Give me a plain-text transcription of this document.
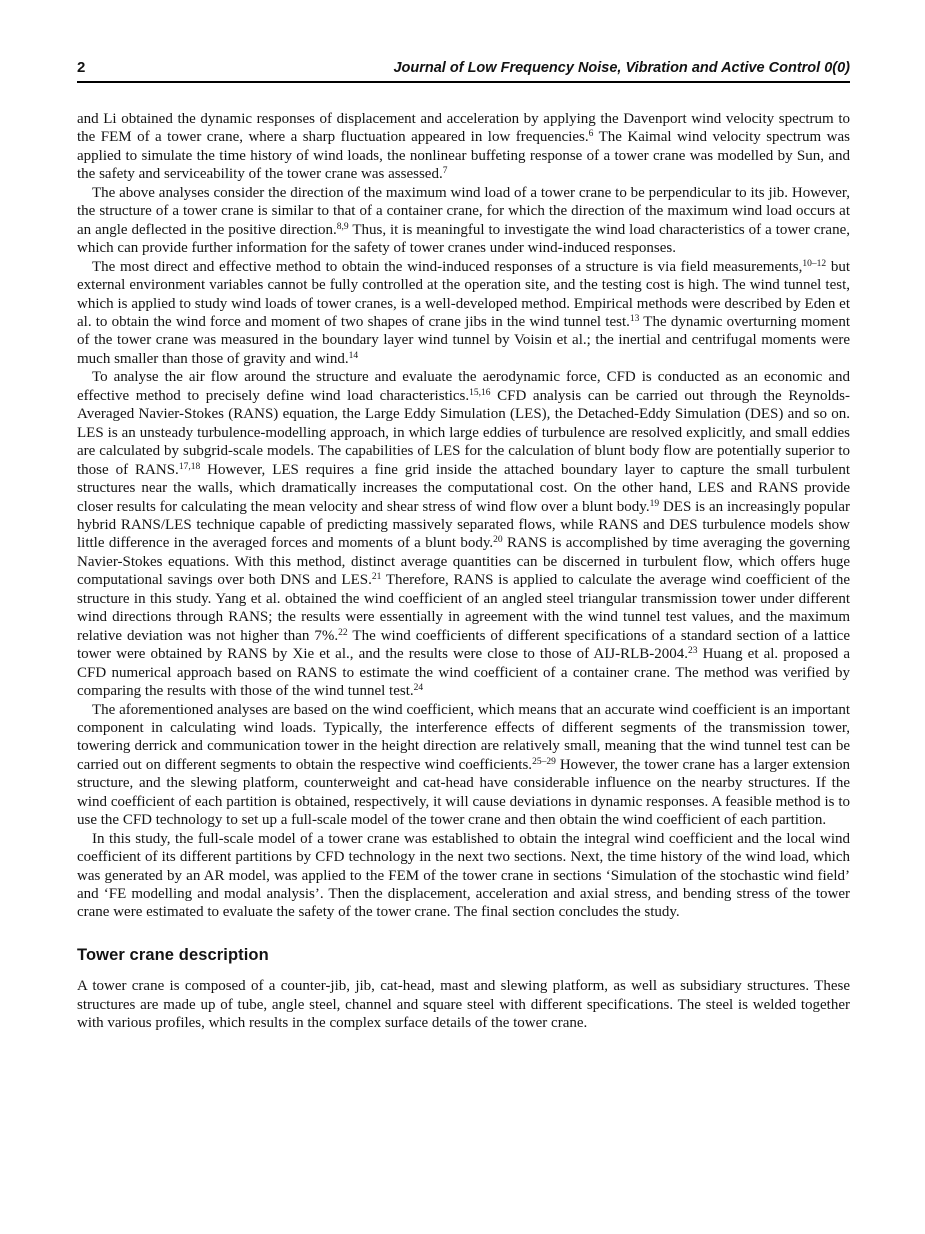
2	Journal of Low Frequency Noise, Vibration and Active Control 0(0)

and Li obtained the dynamic responses of displacement and acceleration by applying the Davenport wind velocity spectrum to the FEM of a tower crane, where a sharp fluctuation appeared in low frequencies.$^6$ The Kaimal wind velocity spectrum was applied to simulate the time history of wind loads, the nonlinear buffeting response of a tower crane was modelled by Sun, and the safety and serviceability of the tower crane was assessed.$^7$

The above analyses consider the direction of the maximum wind load of a tower crane to be perpendicular to its jib. However, the structure of a tower crane is similar to that of a container crane, for which the direction of the maximum wind load occurs at an angle deflected in the positive direction.$^{8,9}$ Thus, it is meaningful to investigate the wind load characteristics of a tower crane, which can provide further information for the safety of tower cranes under wind-induced responses.

The most direct and effective method to obtain the wind-induced responses of a structure is via field measurements,$^{10-12}$ but external environment variables cannot be fully controlled at the operation site, and the testing cost is high. The wind tunnel test, which is applied to study wind loads of tower cranes, is a well-developed method. Empirical methods were described by Eden et al. to obtain the wind force and moment of two shapes of crane jibs in the wind tunnel test.$^{13}$ The dynamic overturning moment of the tower crane was measured in the boundary layer wind tunnel by Voisin et al.; the inertial and centrifugal moments were much smaller than those of gravity and wind.$^{14}$

To analyse the air flow around the structure and evaluate the aerodynamic force, CFD is conducted as an economic and effective method to precisely define wind load characteristics.$^{15,16}$ CFD analysis can be carried out through the Reynolds-Averaged Navier-Stokes (RANS) equation, the Large Eddy Simulation (LES), the Detached-Eddy Simulation (DES) and so on. LES is an unsteady turbulence-modelling approach, in which large eddies of turbulence are resolved explicitly, and small eddies are calculated by subgrid-scale models. The capabilities of LES for the calculation of blunt body flow are potentially superior to those of RANS.$^{17,18}$ However, LES requires a fine grid inside the attached boundary layer to capture the small turbulent structures near the walls, which dramatically increases the computational cost. On the other hand, LES and RANS provide closer results for calculating the mean velocity and shear stress of wind flow over a blunt body.$^{19}$ DES is an increasingly popular hybrid RANS/LES technique capable of predicting massively separated flows, while RANS and DES turbulence models show little difference in the averaged forces and moments of a blunt body.$^{20}$ RANS is accomplished by time averaging the governing Navier-Stokes equations. With this method, distinct average quantities can be discerned in turbulent flow, which offers huge computational savings over both DNS and LES.$^{21}$ Therefore, RANS is applied to calculate the average wind coefficient of the structure in this study. Yang et al. obtained the wind coefficient of an angled steel triangular transmission tower under different wind directions through RANS; the results were essentially in agreement with the wind tunnel test values, and the maximum relative deviation was not higher than 7%.$^{22}$ The wind coefficients of different specifications of a standard section of a lattice tower were obtained by RANS by Xie et al., and the results were close to those of AIJ-RLB-2004.23 Huang et al. proposed a CFD numerical approach based on RANS to estimate the wind coefficient of a container crane. The method was verified by comparing the results with those of the wind tunnel test.$^{24}$

The aforementioned analyses are based on the wind coefficient, which means that an accurate wind coefficient is an important component in calculating wind loads. Typically, the interference effects of different segments of the transmission tower, towering derrick and communication tower in the height direction are relatively small, meaning that the wind tunnel test can be carried out on different segments to obtain the respective wind coefficients.$^{25-29}$ However, the tower crane has a larger extension structure, and the slewing platform, counterweight and cat-head have considerable influence on the nearby structures. If the wind coefficient of each partition is obtained, respectively, it will cause deviations in dynamic responses. A feasible method is to use the CFD technology to set up a full-scale model of the tower crane and then obtain the wind coefficient of each partition.

In this study, the full-scale model of a tower crane was established to obtain the integral wind coefficient and the local wind coefficient of its different partitions by CFD technology in the next two sections. Next, the time history of the wind load, which was generated by an AR model, was applied to the FEM of the tower crane in sections ‘Simulation of the stochastic wind field’ and ‘FE modelling and modal analysis’. Then the displacement, acceleration and axial stress, and bending stress of the tower crane were estimated to evaluate the safety of the tower crane. The final section concludes the study.

Tower crane description

A tower crane is composed of a counter-jib, jib, cat-head, mast and slewing platform, as well as subsidiary structures. These structures are made up of tube, angle steel, channel and square steel with different specifications. The steel is welded together with various profiles, which results in the complex surface details of the tower crane.
